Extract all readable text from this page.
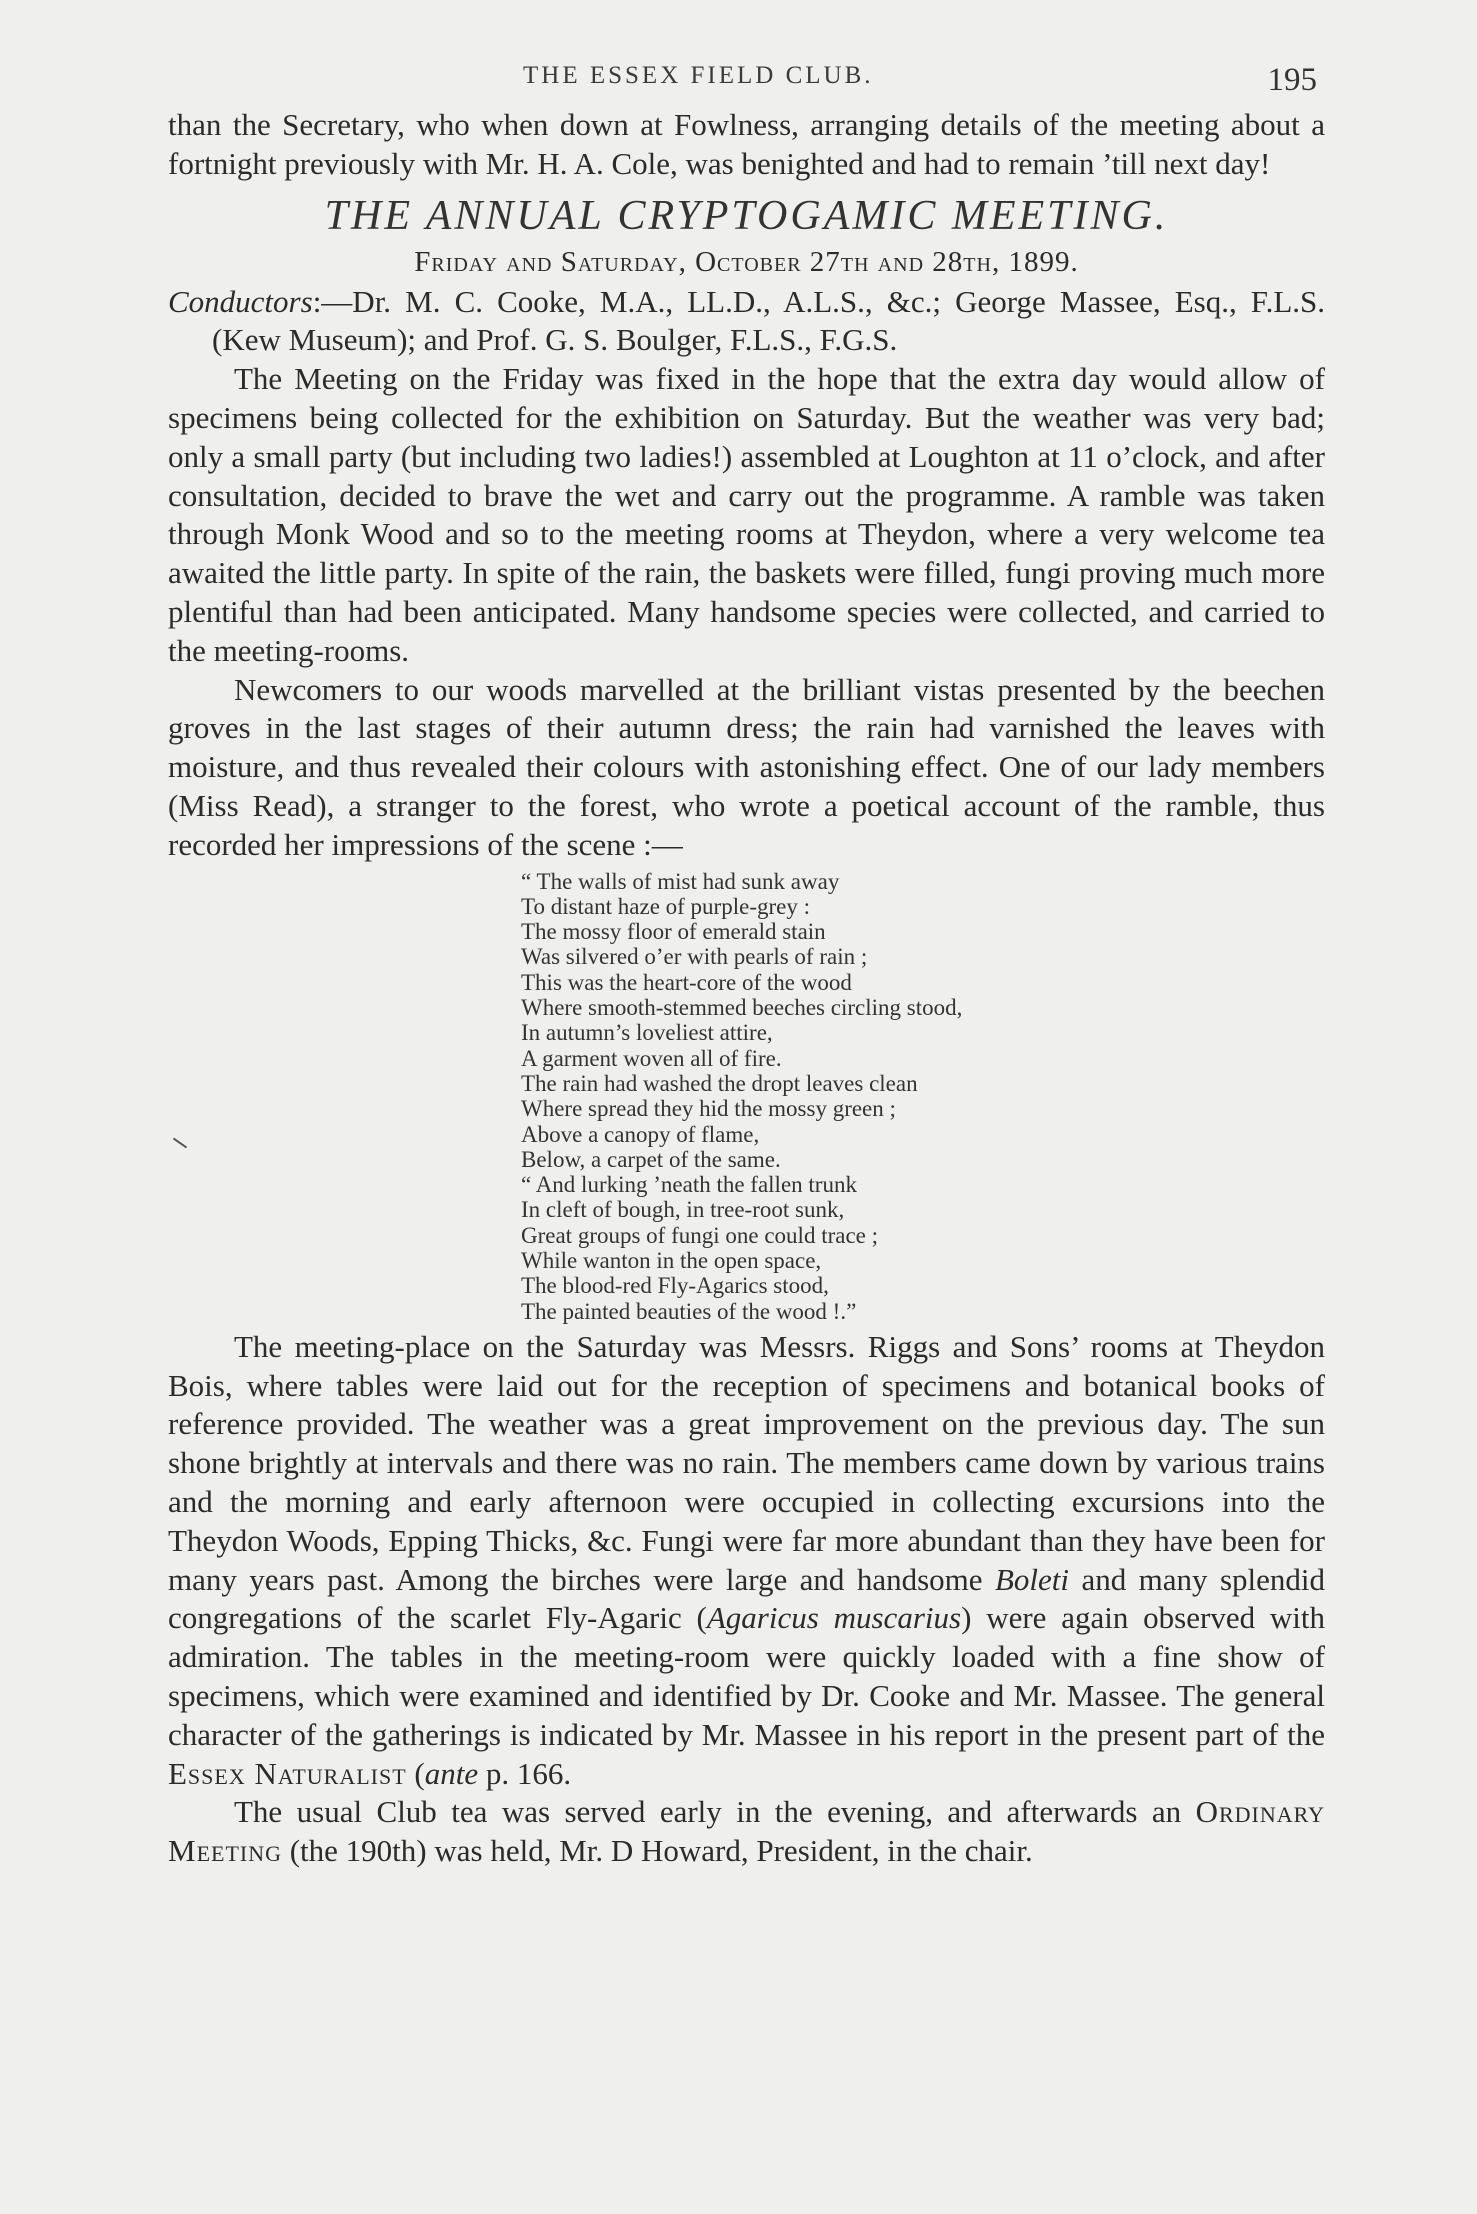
THE ESSEX FIELD CLUB.	195

than the Secretary, who when down at Fowlness, arranging details of the meeting about a fortnight previously with Mr. H. A. Cole, was benighted and had to remain ’till next day!

THE ANNUAL CRYPTOGAMIC MEETING.
Friday and Saturday, October 27th and 28th, 1899.

Conductors:—Dr. M. C. Cooke, M.A., LL.D., A.L.S., &c.; George Massee, Esq., F.L.S. (Kew Museum); and Prof. G. S. Boulger, F.L.S., F.G.S.

The Meeting on the Friday was fixed in the hope that the extra day would allow of specimens being collected for the exhibition on Saturday. But the weather was very bad; only a small party (but including two ladies!) assembled at Loughton at 11 o’clock, and after consultation, decided to brave the wet and carry out the programme. A ramble was taken through Monk Wood and so to the meeting rooms at Theydon, where a very welcome tea awaited the little party. In spite of the rain, the baskets were filled, fungi proving much more plentiful than had been anticipated. Many handsome species were collected, and carried to the meeting-rooms.

Newcomers to our woods marvelled at the brilliant vistas presented by the beechen groves in the last stages of their autumn dress; the rain had varnished the leaves with moisture, and thus revealed their colours with astonishing effect. One of our lady members (Miss Read), a stranger to the forest, who wrote a poetical account of the ramble, thus recorded her impressions of the scene :—

“ The walls of mist had sunk away
To distant haze of purple-grey :
The mossy floor of emerald stain
Was silvered o’er with pearls of rain ;
This was the heart-core of the wood
Where smooth-stemmed beeches circling stood,
In autumn’s loveliest attire,
A garment woven all of fire.
The rain had washed the dropt leaves clean
Where spread they hid the mossy green ;
Above a canopy of flame,
Below, a carpet of the same.
“ And lurking ’neath the fallen trunk
In cleft of bough, in tree-root sunk,
Great groups of fungi one could trace ;
While wanton in the open space,
The blood-red Fly-Agarics stood,
The painted beauties of the wood !.”

The meeting-place on the Saturday was Messrs. Riggs and Sons’ rooms at Theydon Bois, where tables were laid out for the reception of specimens and botanical books of reference provided. The weather was a great improvement on the previous day. The sun shone brightly at intervals and there was no rain. The members came down by various trains and the morning and early afternoon were occupied in collecting excursions into the Theydon Woods, Epping Thicks, &c. Fungi were far more abundant than they have been for many years past. Among the birches were large and handsome Boleti and many splendid congregations of the scarlet Fly-Agaric (Agaricus muscarius) were again observed with admiration. The tables in the meeting-room were quickly loaded with a fine show of specimens, which were examined and identified by Dr. Cooke and Mr. Massee. The general character of the gatherings is indicated by Mr. Massee in his report in the present part of the Essex Naturalist (ante p. 166.

The usual Club tea was served early in the evening, and afterwards an Ordinary Meeting (the 190th) was held, Mr. D Howard, President, in the chair.
